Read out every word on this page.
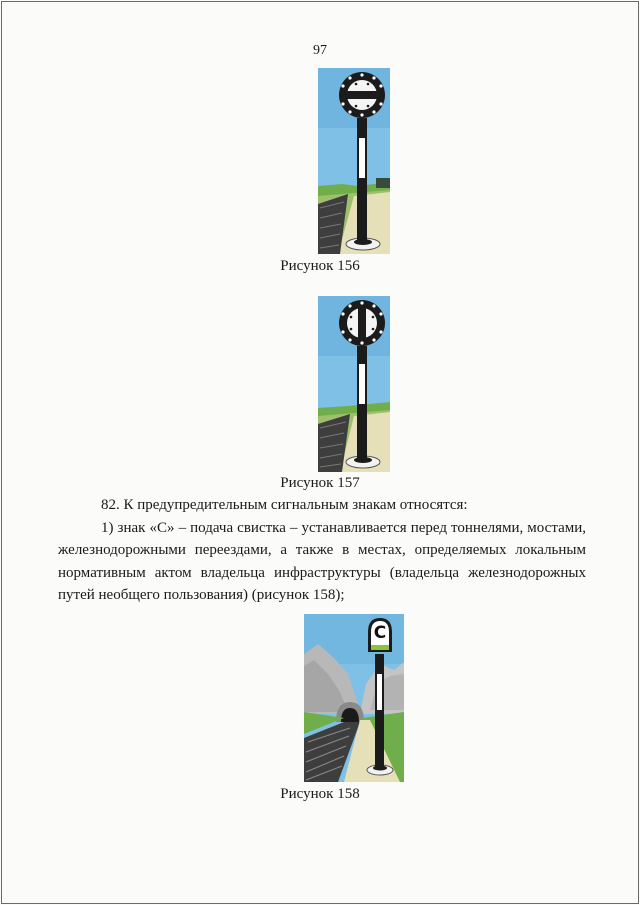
97
Рисунок 156
Рисунок 157

82. К предупредительным сигнальным знакам относятся:

1) знак «С» – подача свистка – устанавливается перед тоннелями, мостами, железнодорожными переездами, а также в местах, определяемых локальным нормативным актом владельца инфраструктуры (владельца железнодорожных путей необщего пользования) (рисунок 158);

С
Рисунок 158
